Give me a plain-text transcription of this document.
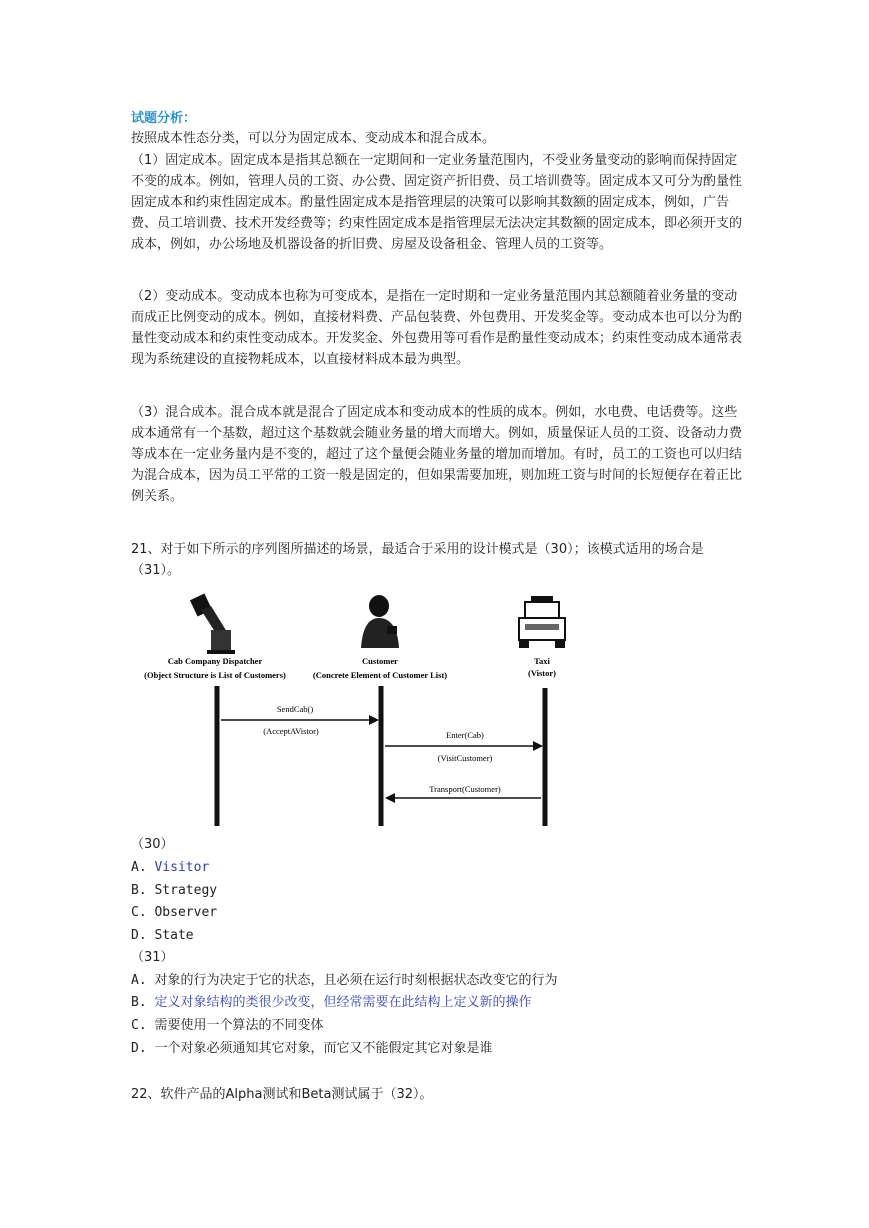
试题分析：

按照成本性态分类，可以分为固定成本、变动成本和混合成本。

（1）固定成本。固定成本是指其总额在一定期间和一定业务量范围内，不受业务量变动的影响而保持固定不变的成本。例如，管理人员的工资、办公费、固定资产折旧费、员工培训费等。固定成本又可分为酌量性固定成本和约束性固定成本。酌量性固定成本是指管理层的决策可以影响其数额的固定成本，例如，广告费、员工培训费、技术开发经费等；约束性固定成本是指管理层无法决定其数额的固定成本，即必须开支的成本，例如，办公场地及机器设备的折旧费、房屋及设备租金、管理人员的工资等。

（2）变动成本。变动成本也称为可变成本，是指在一定时期和一定业务量范围内其总额随着业务量的变动而成正比例变动的成本。例如，直接材料费、产品包装费、外包费用、开发奖金等。变动成本也可以分为酌量性变动成本和约束性变动成本。开发奖金、外包费用等可看作是酌量性变动成本；约束性变动成本通常表现为系统建设的直接物耗成本，以直接材料成本最为典型。

（3）混合成本。混合成本就是混合了固定成本和变动成本的性质的成本。例如，水电费、电话费等。这些成本通常有一个基数，超过这个基数就会随业务量的增大而增大。例如，质量保证人员的工资、设备动力费等成本在一定业务量内是不变的，超过了这个量便会随业务量的增加而增加。有时，员工的工资也可以归结为混合成本，因为员工平常的工资一般是固定的，但如果需要加班，则加班工资与时间的长短便存在着正比例关系。

21、对于如下所示的序列图所描述的场景，最适合于采用的设计模式是（30）；该模式适用的场合是（31）。

Cab Company Dispatcher
(Object Structure is List of Customers)
Customer
(Concrete Element of Customer List)
Taxi
(Vistor)
SendCab()
(AcceptAVistor)	Enter(Cab)
(VisitCustomer)
Transport(Customer)
（30）
A. Visitor
B. Strategy
C. Observer
D. State
（31）
A. 对象的行为决定于它的状态，且必须在运行时刻根据状态改变它的行为
B. 定义对象结构的类很少改变，但经常需要在此结构上定义新的操作
C. 需要使用一个算法的不同变体
D. 一个对象必须通知其它对象，而它又不能假定其它对象是谁

22、软件产品的Alpha测试和Beta测试属于（32）。
